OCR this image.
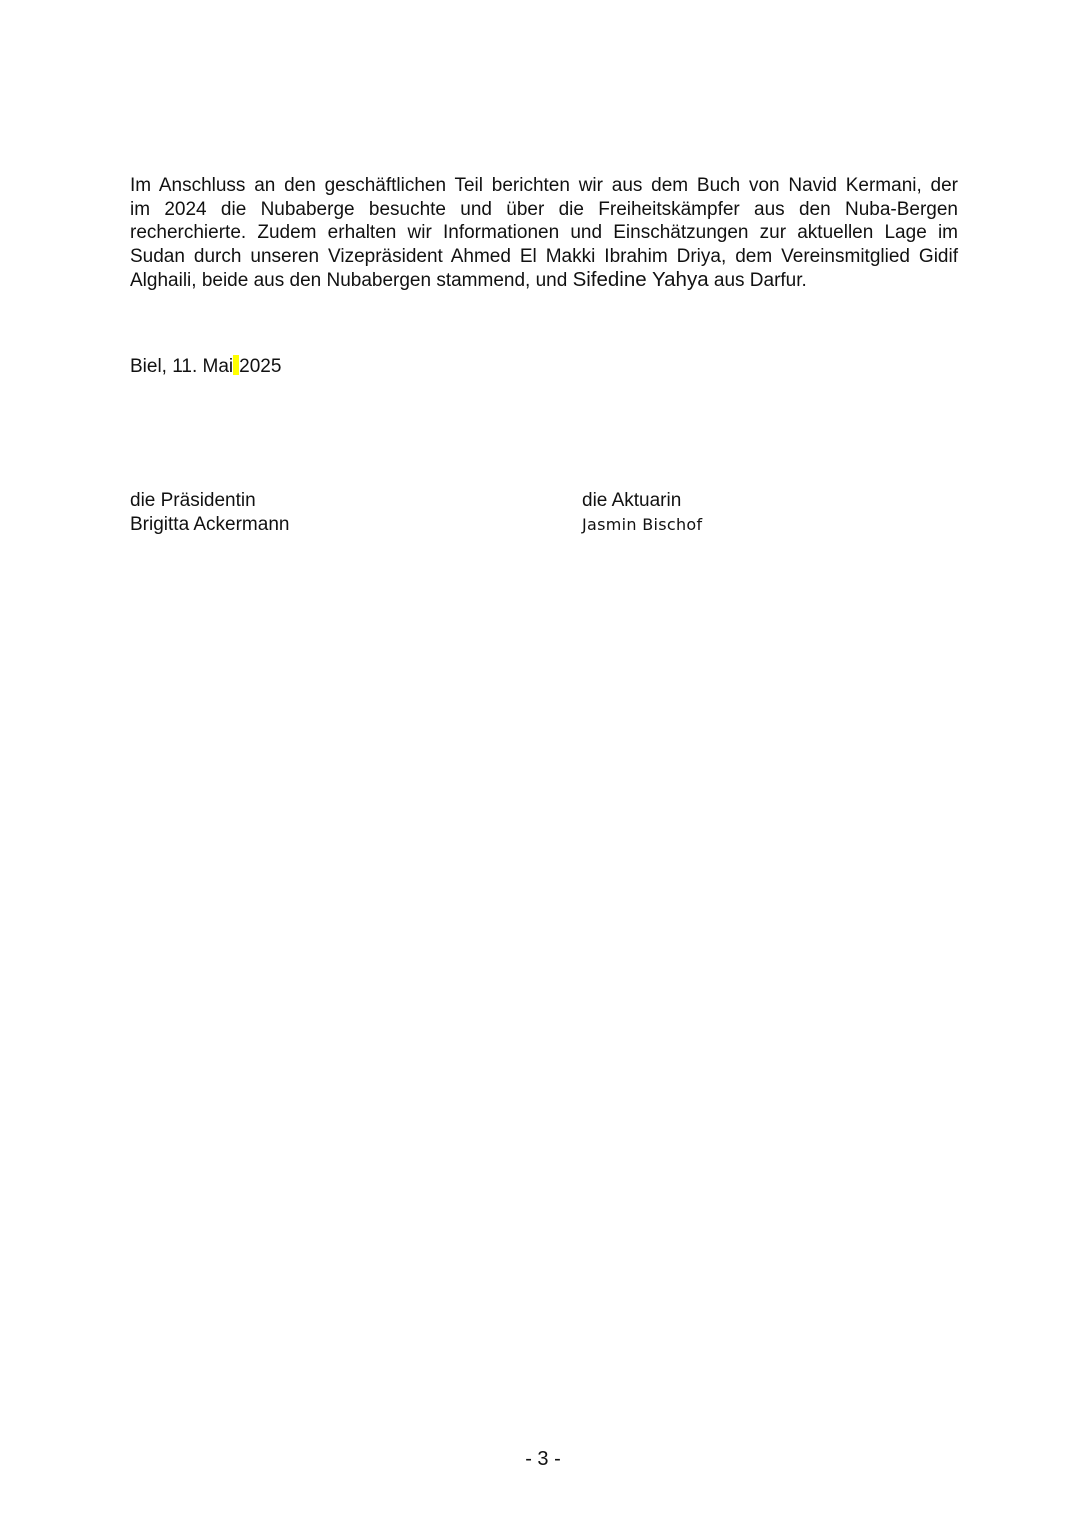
Im Anschluss an den geschäftlichen Teil berichten wir aus dem Buch von Navid Kermani, der
im 2024 die Nubaberge besuchte und über die Freiheitskämpfer aus den Nuba-Bergen
recherchierte. Zudem erhalten wir Informationen und Einschätzungen zur aktuellen Lage im
Sudan durch unseren Vizepräsident Ahmed El Makki Ibrahim Driya, dem Vereinsmitglied Gidif
Alghaili, beide aus den Nubabergen stammend, und Sifedine Yahya aus Darfur.
Biel, 11. Mai 2025
die Präsidentin
Brigitta Ackermann
die Aktuarin
Jasmin Bischof
- 3 -
